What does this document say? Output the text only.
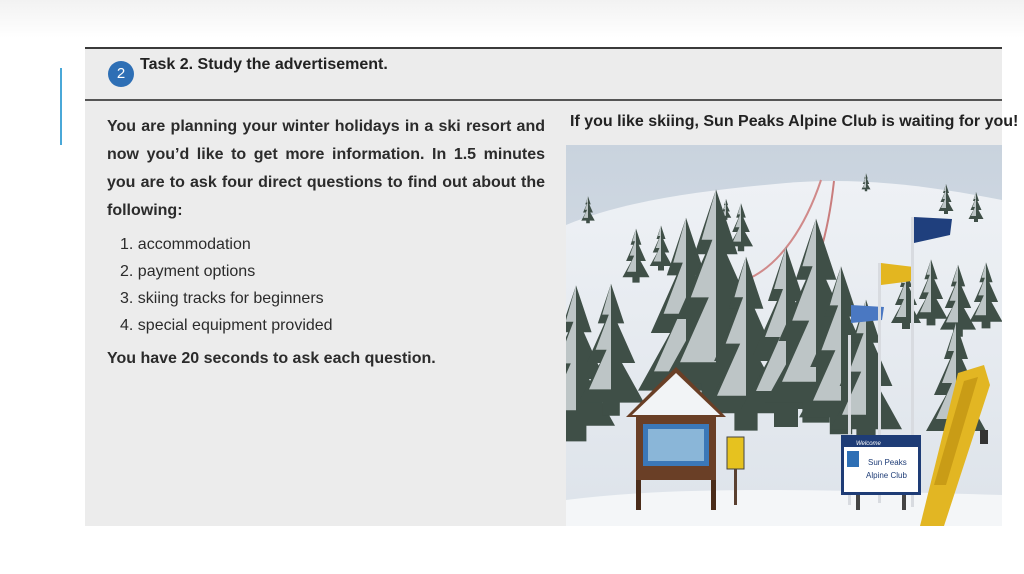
2
Task 2. Study the advertisement.
You are planning your winter holidays in a ski resort and now you’d like to get more information. In 1.5 minutes you are to ask four direct questions to find out about the following:
1. accommodation
2. payment options
3. skiing tracks for beginners
4. special equipment provided
You have 20 seconds to ask each question.
If you like skiing, Sun Peaks Alpine Club is waiting for you!
Welcome
Sun Peaks
Alpine Club
